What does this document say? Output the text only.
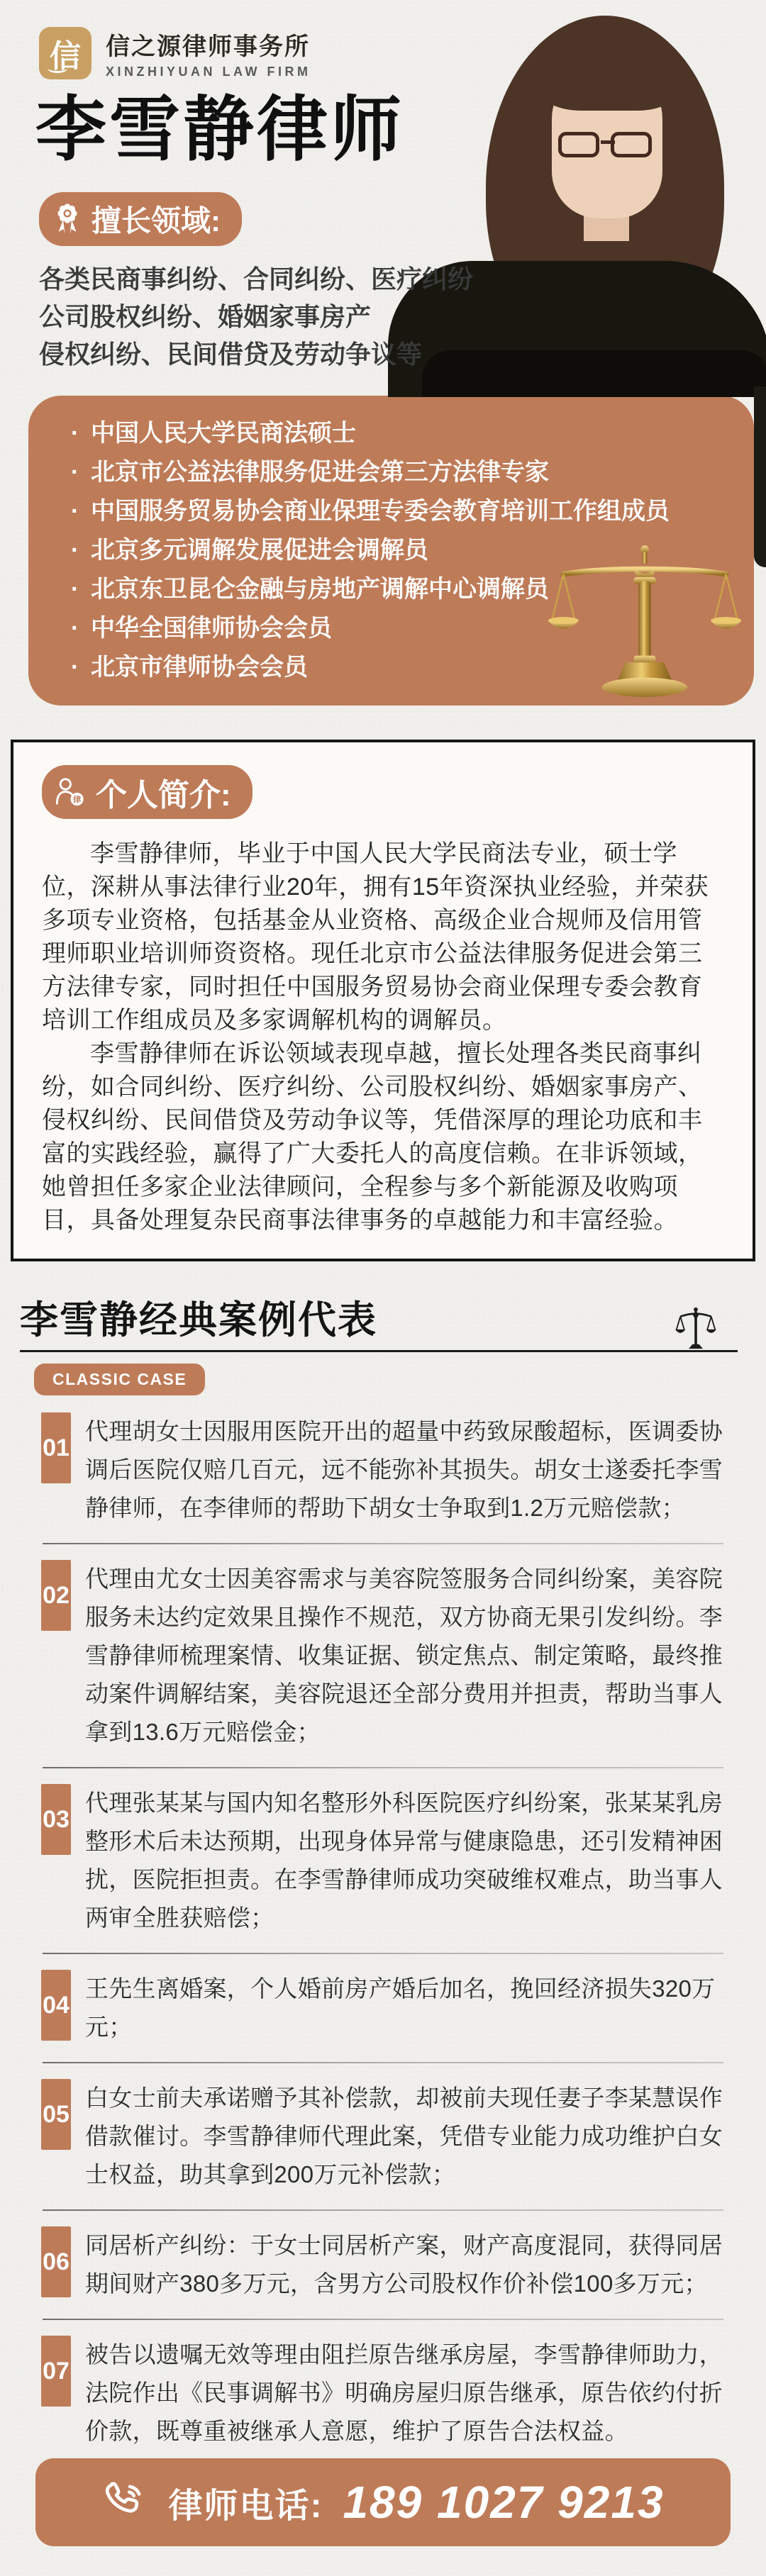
信 信之源律师事务所
XINZHIYUAN LAW FIRM
李雪静律师
擅长领域:
各类民商事纠纷、合同纠纷、医疗纠纷
公司股权纠纷、婚姻家事房产
侵权纠纷、民间借贷及劳动争议等
· 中国人民大学民商法硕士
· 北京市公益法律服务促进会第三方法律专家
· 中国服务贸易协会商业保理专委会教育培训工作组成员
· 北京多元调解发展促进会调解员
· 北京东卫昆仑金融与房地产调解中心调解员
· 中华全国律师协会会员
· 北京市律师协会会员
律 个人简介:

李雪静律师，毕业于中国人民大学民商法专业，硕士学位，深耕从事法律行业20年，拥有15年资深执业经验，并荣获多项专业资格，包括基金从业资格、高级企业合规师及信用管理师职业培训师资资格。现任北京市公益法律服务促进会第三方法律专家，同时担任中国服务贸易协会商业保理专委会教育培训工作组成员及多家调解机构的调解员。

李雪静律师在诉讼领域表现卓越，擅长处理各类民商事纠纷，如合同纠纷、医疗纠纷、公司股权纠纷、婚姻家事房产、侵权纠纷、民间借贷及劳动争议等，凭借深厚的理论功底和丰富的实践经验，赢得了广大委托人的高度信赖。在非诉领域，她曾担任多家企业法律顾问，全程参与多个新能源及收购项目，具备处理复杂民商事法律事务的卓越能力和丰富经验。

李雪静经典案例代表
CLASSIC CASE
01
代理胡女士因服用医院开出的超量中药致尿酸超标，医调委协调后医院仅赔几百元，远不能弥补其损失。胡女士遂委托李雪静律师，在李律师的帮助下胡女士争取到1.2万元赔偿款；
02
代理由尤女士因美容需求与美容院签服务合同纠纷案，美容院服务未达约定效果且操作不规范，双方协商无果引发纠纷。李雪静律师梳理案情、收集证据、锁定焦点、制定策略，最终推动案件调解结案，美容院退还全部分费用并担责，帮助当事人拿到13.6万元赔偿金；
03
代理张某某与国内知名整形外科医院医疗纠纷案，张某某乳房整形术后未达预期，出现身体异常与健康隐患，还引发精神困扰，医院拒担责。在李雪静律师成功突破维权难点，助当事人两审全胜获赔偿；
04
王先生离婚案，个人婚前房产婚后加名，挽回经济损失320万元；
05
白女士前夫承诺赠予其补偿款，却被前夫现任妻子李某慧误作借款催讨。李雪静律师代理此案，凭借专业能力成功维护白女士权益，助其拿到200万元补偿款；
06
同居析产纠纷：于女士同居析产案，财产高度混同，获得同居期间财产380多万元，含男方公司股权作价补偿100多万元；
07
被告以遗嘱无效等理由阻拦原告继承房屋，李雪静律师助力，法院作出《民事调解书》明确房屋归原告继承，原告依约付折价款，既尊重被继承人意愿，维护了原告合法权益。
律师电话: 189 1027 9213
